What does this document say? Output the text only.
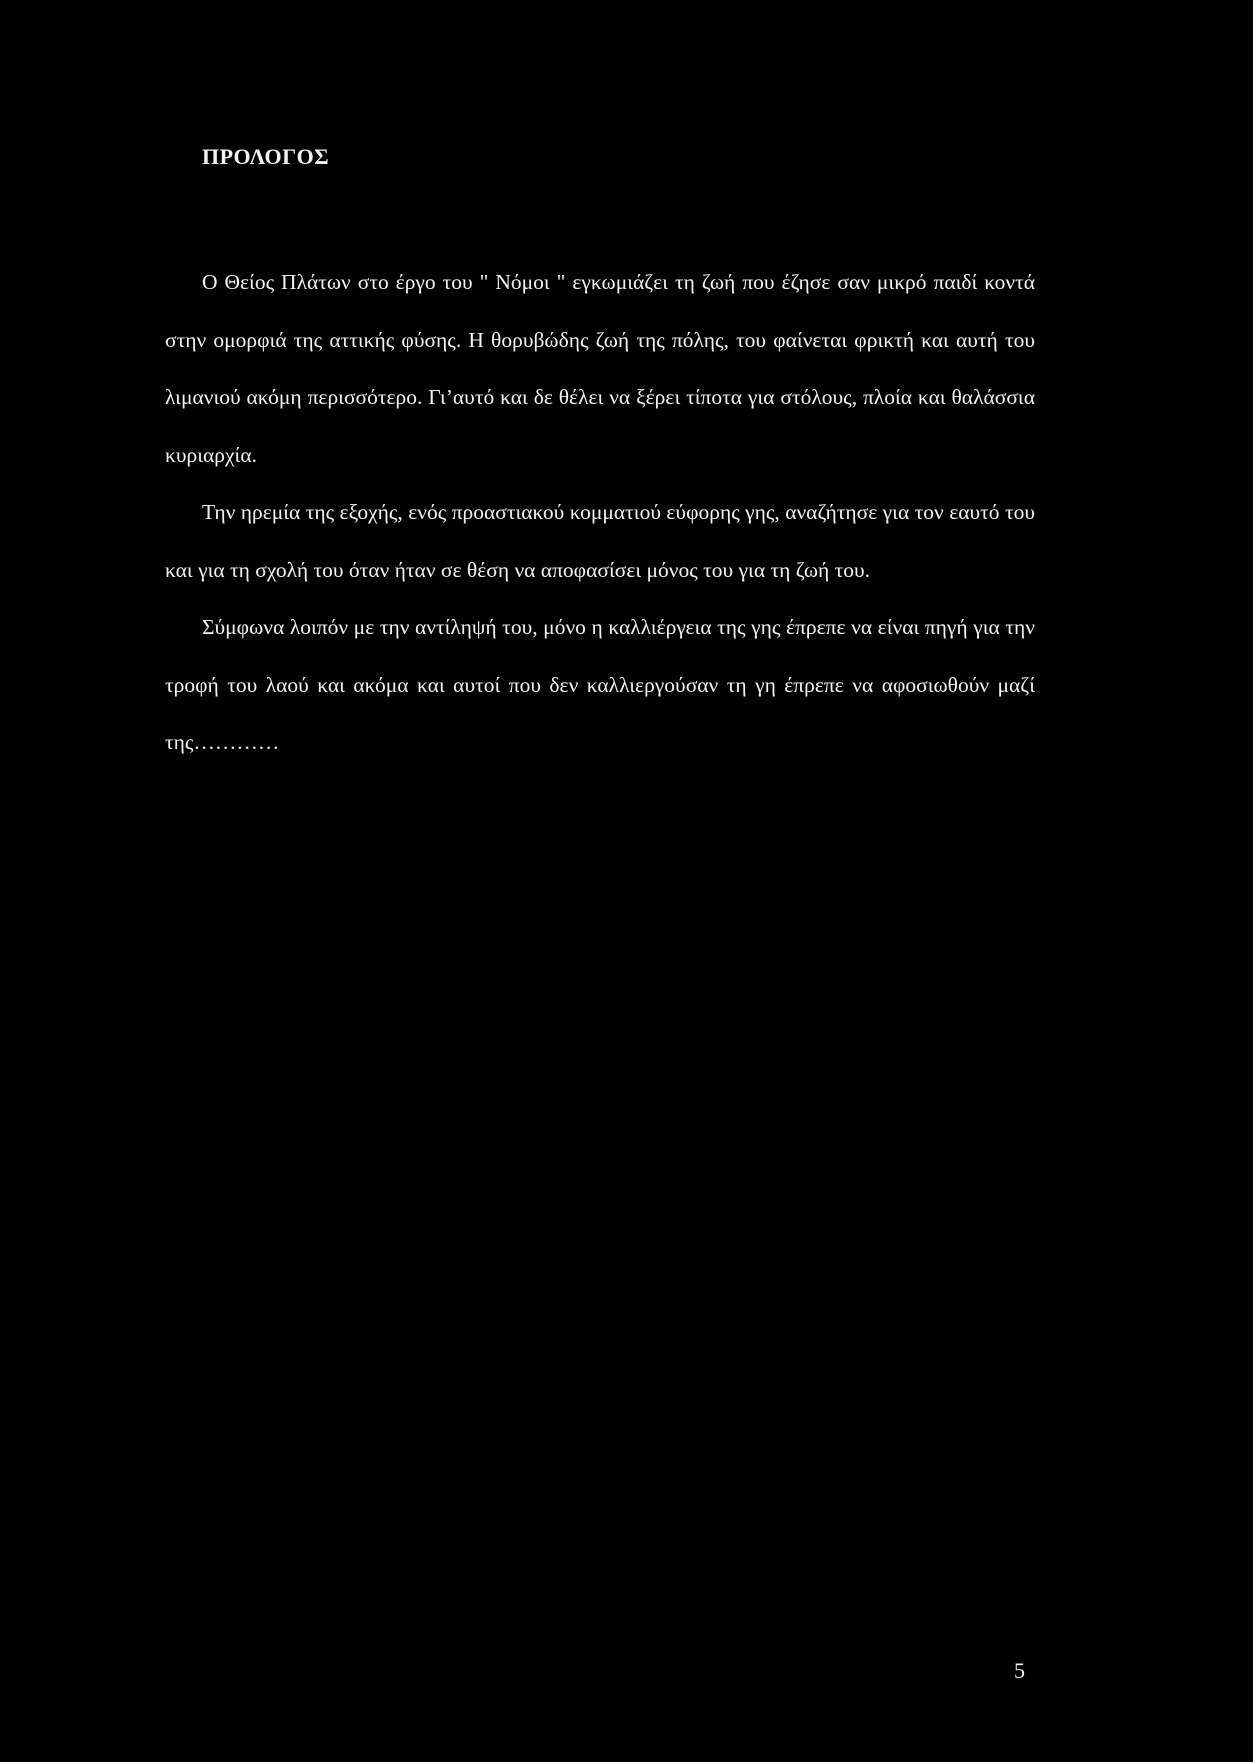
ΠΡΟΛΟΓΟΣ

Ο Θείος Πλάτων στο έργο του " Νόμοι " εγκωμιάζει τη ζωή που έζησε σαν μικρό παιδί κοντά στην ομορφιά της αττικής φύσης. Η θορυβώδης ζωή της πόλης, του φαίνεται φρικτή και αυτή του λιμανιού ακόμη περισσότερο. Γι’αυτό και δε θέλει να ξέρει τίποτα για στόλους, πλοία και θαλάσσια κυριαρχία.

Την ηρεμία της εξοχής, ενός προαστιακού κομματιού εύφορης γης, αναζήτησε για τον εαυτό του και για τη σχολή του όταν ήταν σε θέση να αποφασίσει μόνος του για τη ζωή του.

Σύμφωνα λοιπόν με την αντίληψή του, μόνο η καλλιέργεια της γης έπρεπε να είναι πηγή για την τροφή του λαού και ακόμα και αυτοί που δεν καλλιεργούσαν τη γη έπρεπε να αφοσιωθούν μαζί της…………

5
